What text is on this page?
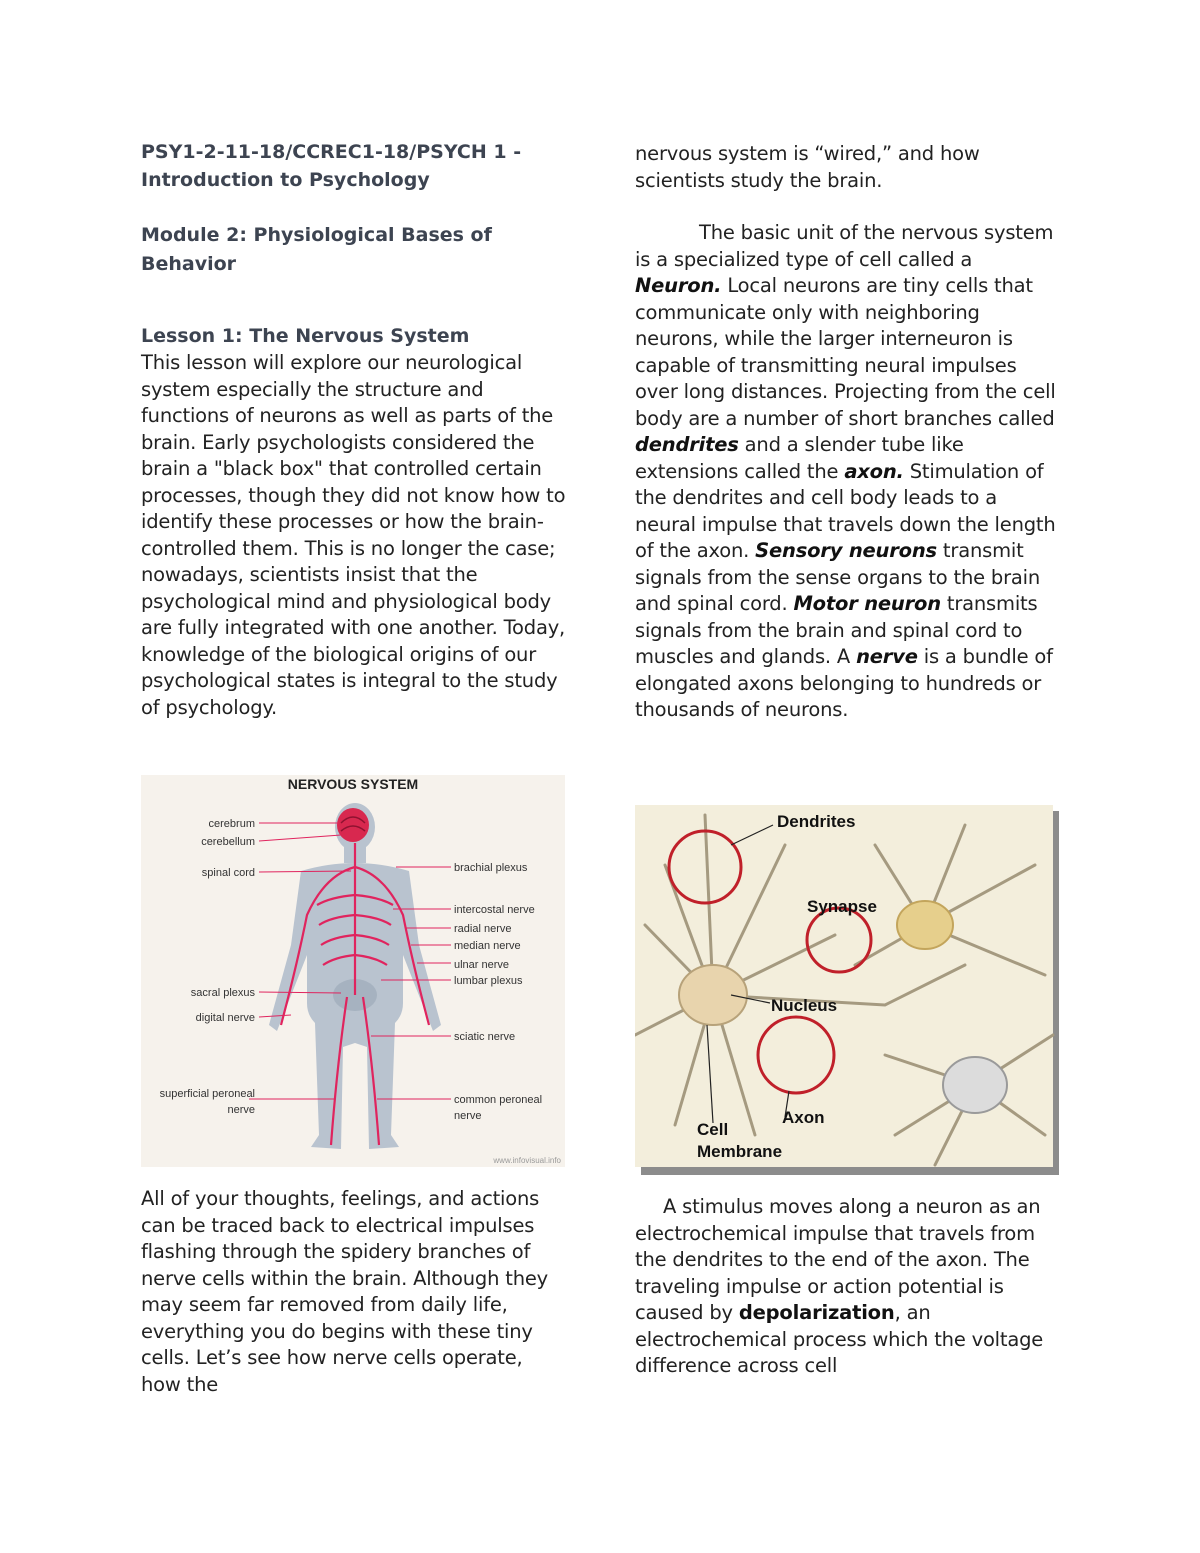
PSY1-2-11-18/CCREC1-18/PSYCH 1 - Introduction to Psychology

Module 2: Physiological Bases of Behavior

Lesson 1: The Nervous System

This lesson will explore our neurological system especially the structure and functions of neurons as well as parts of the brain. Early psychologists considered the brain a "black box" that controlled certain processes, though they did not know how to identify these processes or how the brain-controlled them. This is no longer the case; nowadays, scientists insist that the psychological mind and physiological body are fully integrated with one another. Today, knowledge of the biological origins of our psychological states is integral to the study of psychology.

NERVOUS SYSTEM
cerebrum
cerebellum
spinal cord
sacral plexus
digital nerve
superficial peroneal
nerve
brachial plexus
intercostal nerve
radial nerve
median nerve
ulnar nerve
lumbar plexus
sciatic nerve
common peroneal
nerve
www.infovisual.info

All of your thoughts, feelings, and actions can be traced back to electrical impulses flashing through the spidery branches of nerve cells within the brain. Although they may seem far removed from daily life, everything you do begins with these tiny cells. Let’s see how nerve cells operate, how the

nervous system is “wired,” and how scientists study the brain.

The basic unit of the nervous system is a specialized type of cell called a Neuron. Local neurons are tiny cells that communicate only with neighboring neurons, while the larger interneuron is capable of transmitting neural impulses over long distances. Projecting from the cell body are a number of short branches called dendrites and a slender tube like extensions called the axon. Stimulation of the dendrites and cell body leads to a neural impulse that travels down the length of the axon. Sensory neurons transmit signals from the sense organs to the brain and spinal cord. Motor neuron transmits signals from the brain and spinal cord to muscles and glands. A nerve is a bundle of elongated axons belonging to hundreds or thousands of neurons.

Dendrites
Synapse
Nucleus
Axon
Cell
Membrane

A stimulus moves along a neuron as an electrochemical impulse that travels from the dendrites to the end of the axon. The traveling impulse or action potential is caused by depolarization, an electrochemical process which the voltage difference across cell
